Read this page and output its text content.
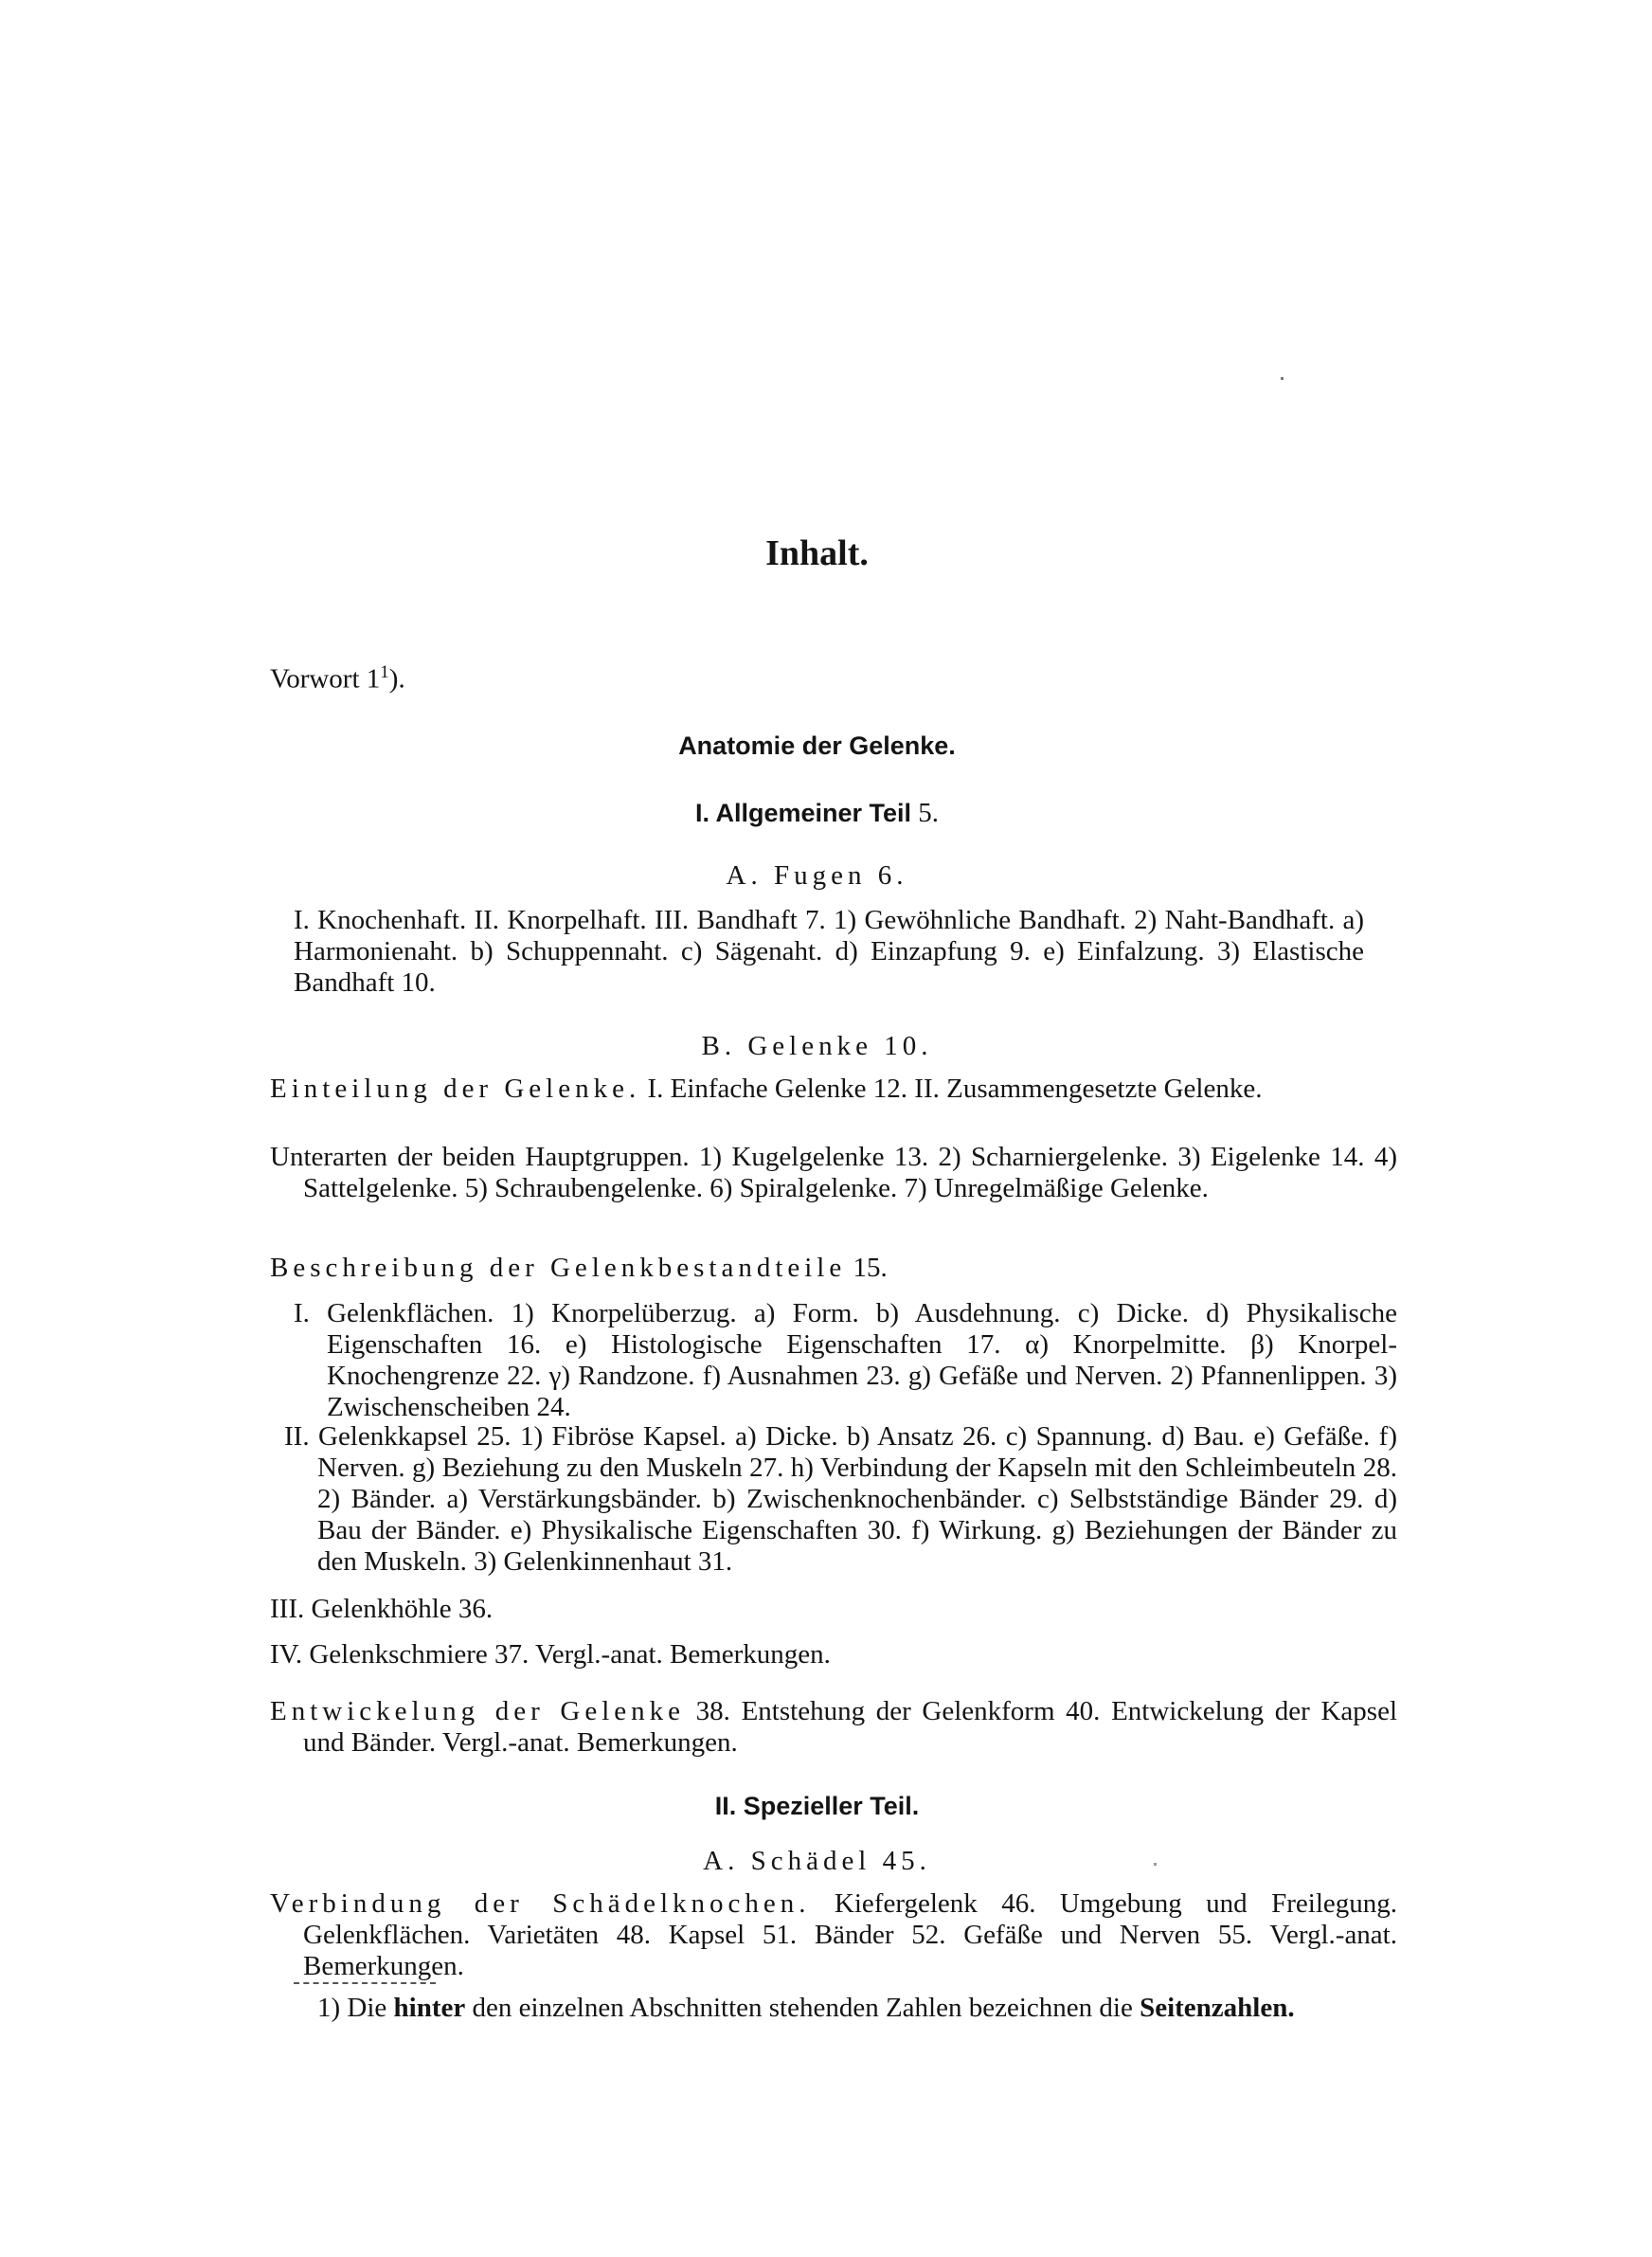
Inhalt.
Vorwort $1^1$).
Anatomie der Gelenke.
I. Allgemeiner Teil 5.
A. Fugen 6.
I. Knochenhaft. II. Knorpelhaft. III. Bandhaft 7. 1) Gewöhnliche Bandhaft. 2) Naht-Bandhaft. a) Harmonienaht. b) Schuppennaht. c) Sägenaht. d) Einzapfung 9. e) Einfalzung. 3) Elastische Bandhaft 10.
B. Gelenke 10.
Einteilung der Gelenke. I. Einfache Gelenke 12. II. Zusammengesetzte Gelenke.
Unterarten der beiden Hauptgruppen. 1) Kugelgelenke 13. 2) Scharniergelenke. 3) Eigelenke 14. 4) Sattelgelenke. 5) Schraubengelenke. 6) Spiralgelenke. 7) Unregelmäßige Gelenke.
Beschreibung der Gelenkbestandteile 15.
I. Gelenkflächen. 1) Knorpelüberzug. a) Form. b) Ausdehnung. c) Dicke. d) Physikalische Eigenschaften 16. e) Histologische Eigenschaften 17. α) Knorpelmitte. β) Knorpel-Knochengrenze 22. γ) Randzone. f) Ausnahmen 23. g) Gefäße und Nerven. 2) Pfannenlippen. 3) Zwischenscheiben 24.
II. Gelenkkapsel 25. 1) Fibröse Kapsel. a) Dicke. b) Ansatz 26. c) Spannung. d) Bau. e) Gefäße. f) Nerven. g) Beziehung zu den Muskeln 27. h) Verbindung der Kapseln mit den Schleimbeuteln 28. 2) Bänder. a) Verstärkungsbänder. b) Zwischenknochenbänder. c) Selbstständige Bänder 29. d) Bau der Bänder. e) Physikalische Eigenschaften 30. f) Wirkung. g) Beziehungen der Bänder zu den Muskeln. 3) Gelenkinnenhaut 31.
III. Gelenkhöhle 36.
IV. Gelenkschmiere 37. Vergl.-anat. Bemerkungen.
Entwickelung der Gelenke 38. Entstehung der Gelenkform 40. Entwickelung der Kapsel und Bänder. Vergl.-anat. Bemerkungen.
II. Spezieller Teil.
A. Schädel 45.
Verbindung der Schädelknochen. Kiefergelenk 46. Umgebung und Freilegung. Gelenkflächen. Varietäten 48. Kapsel 51. Bänder 52. Gefäße und Nerven 55. Vergl.-anat. Bemerkungen.
1) Die hinter den einzelnen Abschnitten stehenden Zahlen bezeichnen die Seitenzahlen.
